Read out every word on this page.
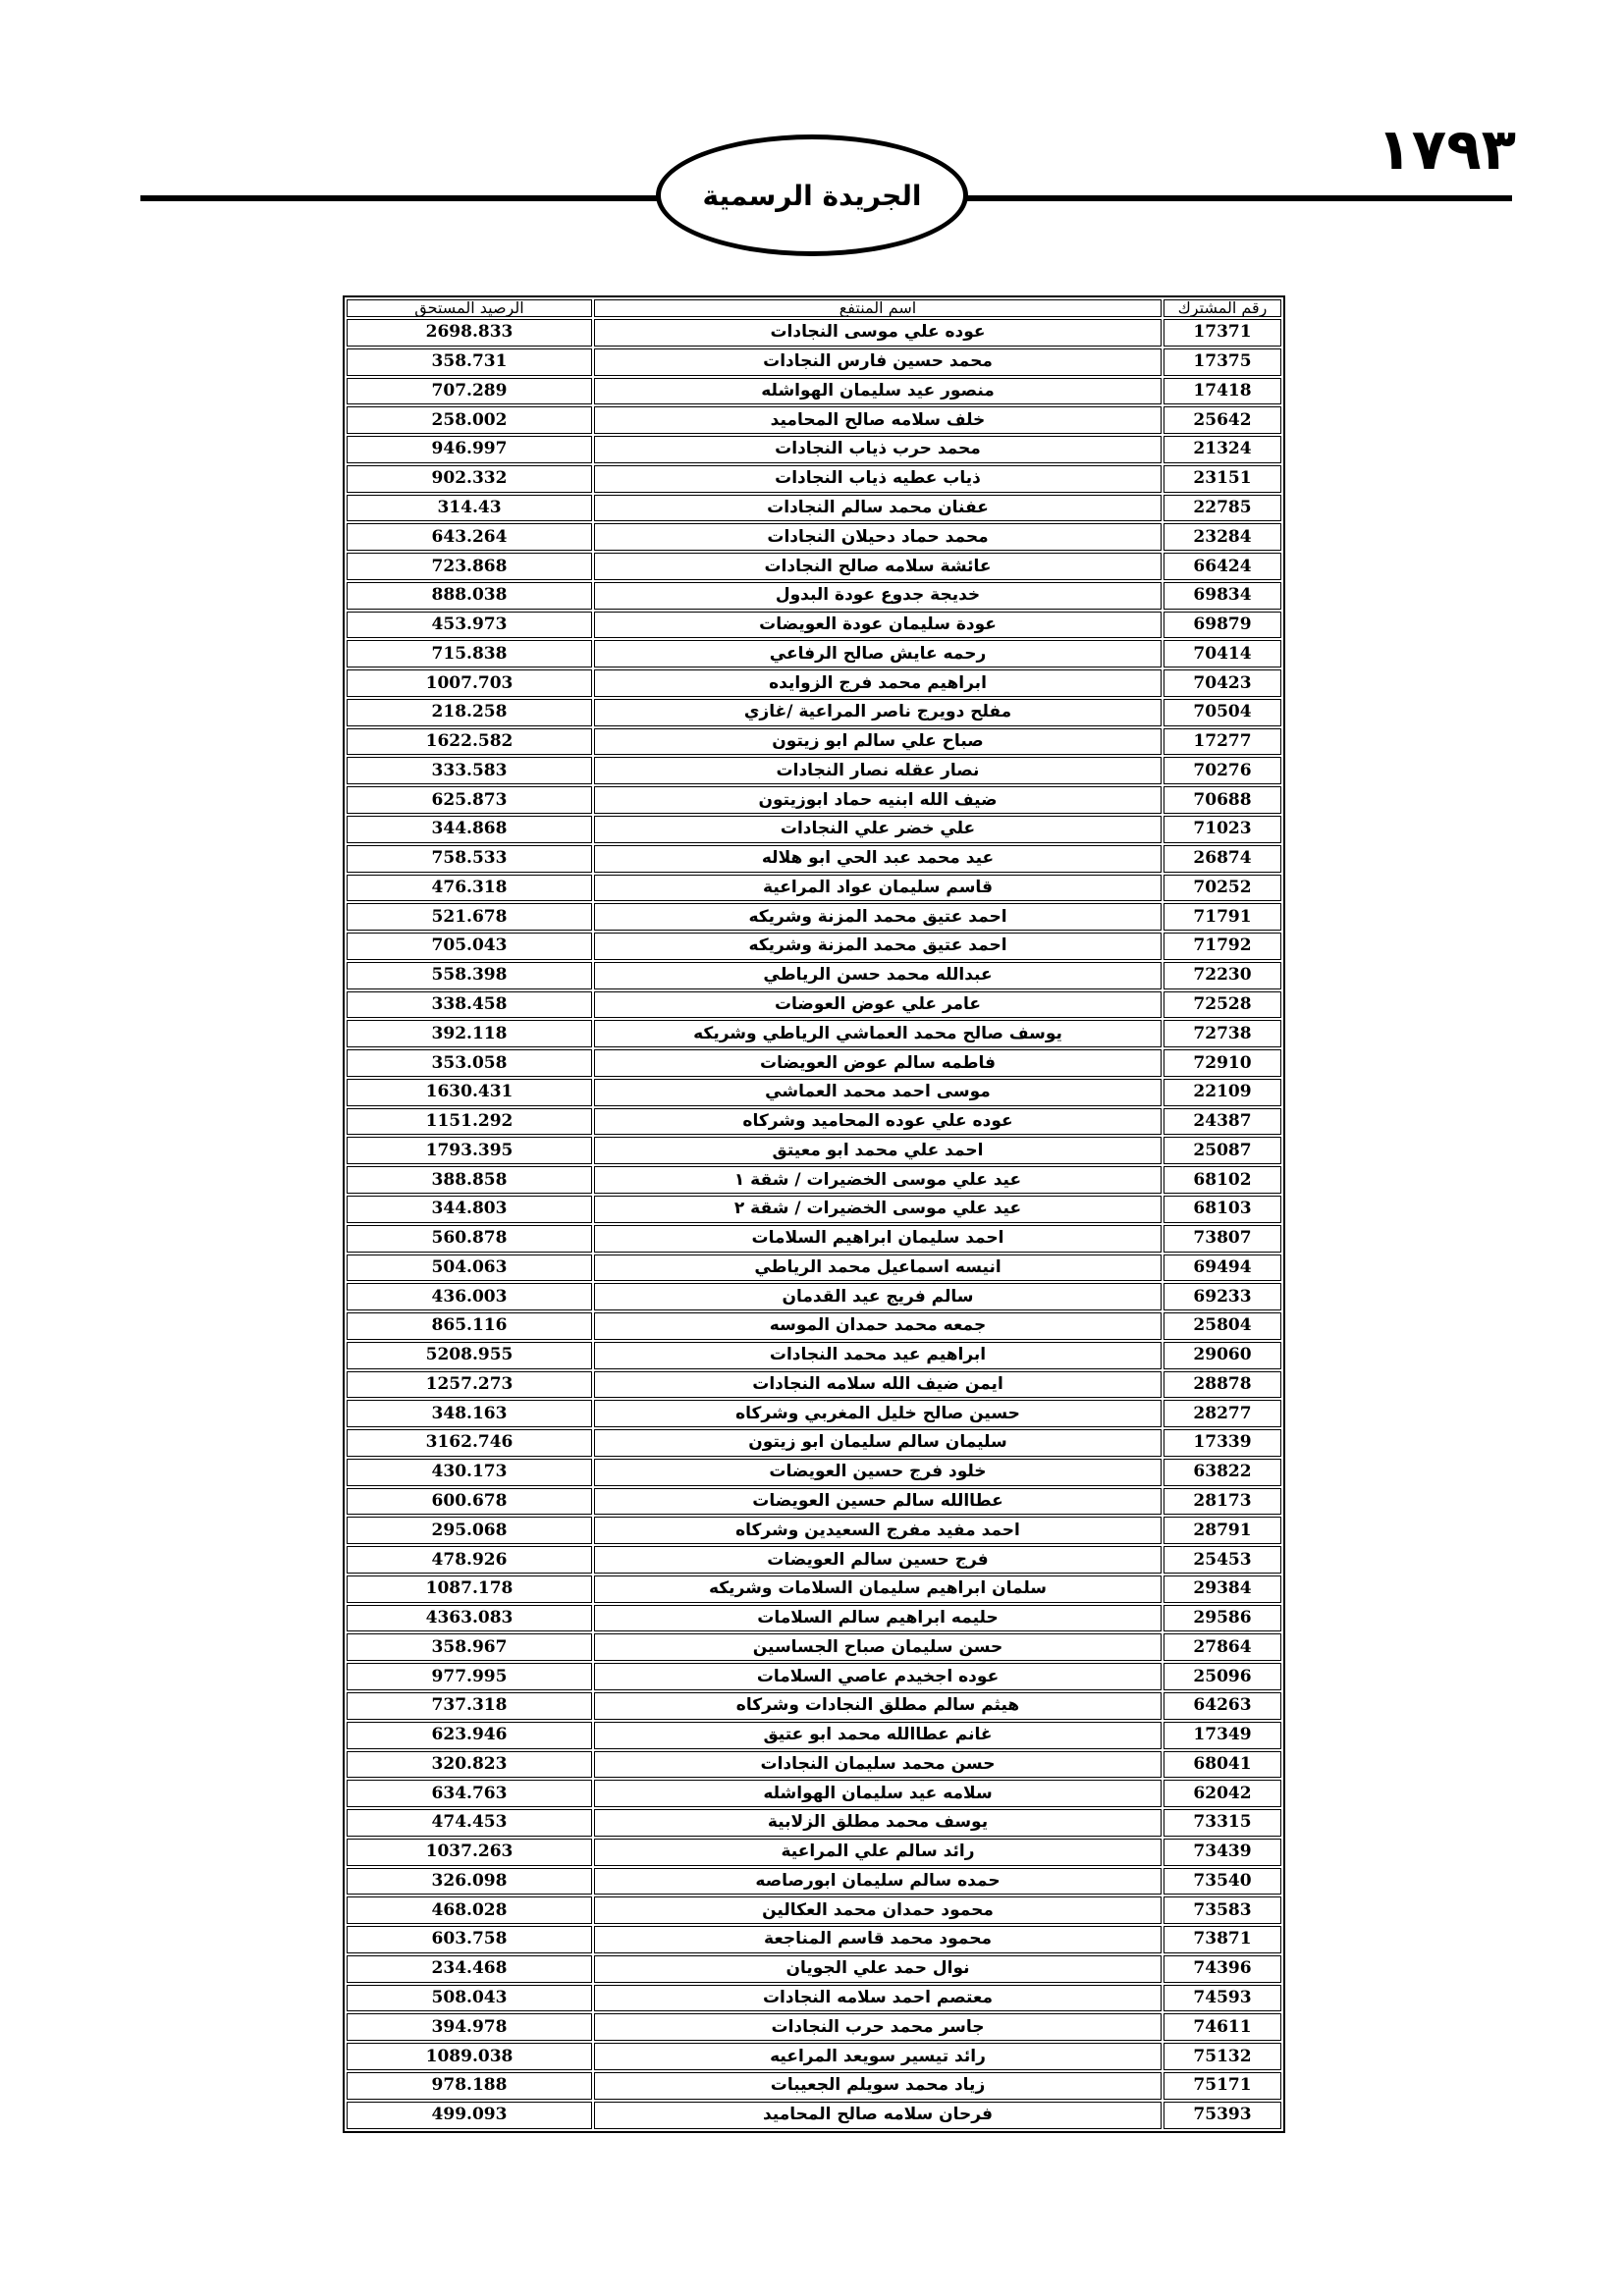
١٧٩٣
الجريدة الرسمية
الرصيد المستحق	اسم المنتفع	رقم المشترك
2698.833	عوده علي موسى النجادات	17371
358.731	محمد حسين فارس النجادات	17375
707.289	منصور عيد سليمان الهواشله	17418
258.002	خلف سلامه صالح المحاميد	25642
946.997	محمد حرب ذياب النجادات	21324
902.332	ذياب عطيه ذياب النجادات	23151
314.43	عفنان محمد سالم النجادات	22785
643.264	محمد حماد دحيلان النجادات	23284
723.868	عائشة سلامه صالح النجادات	66424
888.038	خديجة جدوع عودة البدول	69834
453.973	عودة سليمان عودة العويضات	69879
715.838	رحمه عايش صالح الرفاعي	70414
1007.703	ابراهيم محمد فرج الزوايده	70423
218.258	مفلح دويرج ناصر المراعية /غازي	70504
1622.582	صباح علي سالم ابو زيتون	17277
333.583	نصار عقله نصار النجادات	70276
625.873	ضيف الله ابنيه حماد ابوزيتون	70688
344.868	علي خضر علي النجادات	71023
758.533	عيد محمد عبد الحي ابو هلاله	26874
476.318	قاسم سليمان عواد المراعية	70252
521.678	احمد عتيق محمد المزنة وشريكه	71791
705.043	احمد عتيق محمد المزنة وشريكه	71792
558.398	عبدالله محمد حسن الرياطي	72230
338.458	عامر علي عوض العوضات	72528
392.118	يوسف صالح محمد العماشي الرياطي وشريكه	72738
353.058	فاطمه سالم عوض العويضات	72910
1630.431	موسى احمد محمد العماشي	22109
1151.292	عوده علي عوده المحاميد وشركاه	24387
1793.395	احمد علي محمد ابو معيتق	25087
388.858	عيد علي موسى الخضيرات / شقة ١	68102
344.803	عيد علي موسى الخضيرات / شقة ٢	68103
560.878	احمد سليمان ابراهيم السلامات	73807
504.063	انيسه اسماعيل محمد الرياطي	69494
436.003	سالم فريج عيد القدمان	69233
865.116	جمعه محمد حمدان الموسه	25804
5208.955	ابراهيم عيد محمد النجادات	29060
1257.273	ايمن ضيف الله سلامه النجادات	28878
348.163	حسين صالح خليل المغربي وشركاه	28277
3162.746	سليمان سالم سليمان ابو زيتون	17339
430.173	خلود فرج حسين العويضات	63822
600.678	عطاالله سالم حسين العويضات	28173
295.068	احمد مفيد مفرج السعيدين وشركاه	28791
478.926	فرج حسين سالم العويضات	25453
1087.178	سلمان ابراهيم سليمان السلامات وشريكه	29384
4363.083	حليمه ابراهيم سالم السلامات	29586
358.967	حسن سليمان صباح الجساسين	27864
977.995	عوده اجخيدم عاصي السلامات	25096
737.318	هيثم سالم مطلق النجادات وشركاه	64263
623.946	غانم عطاالله محمد ابو عتيق	17349
320.823	حسن محمد سليمان النجادات	68041
634.763	سلامه عيد سليمان الهواشله	62042
474.453	يوسف محمد مطلق الزلابية	73315
1037.263	رائد سالم علي المراعية	73439
326.098	حمده سالم سليمان ابورصاصه	73540
468.028	محمود حمدان محمد العكالين	73583
603.758	محمود محمد قاسم المناجعة	73871
234.468	نوال حمد علي الجويان	74396
508.043	معتصم احمد سلامه النجادات	74593
394.978	جاسر محمد حرب النجادات	74611
1089.038	رائد تيسير سويعد المراعيه	75132
978.188	زياد محمد سويلم الجعيبات	75171
499.093	فرحان سلامه صالح المحاميد	75393
